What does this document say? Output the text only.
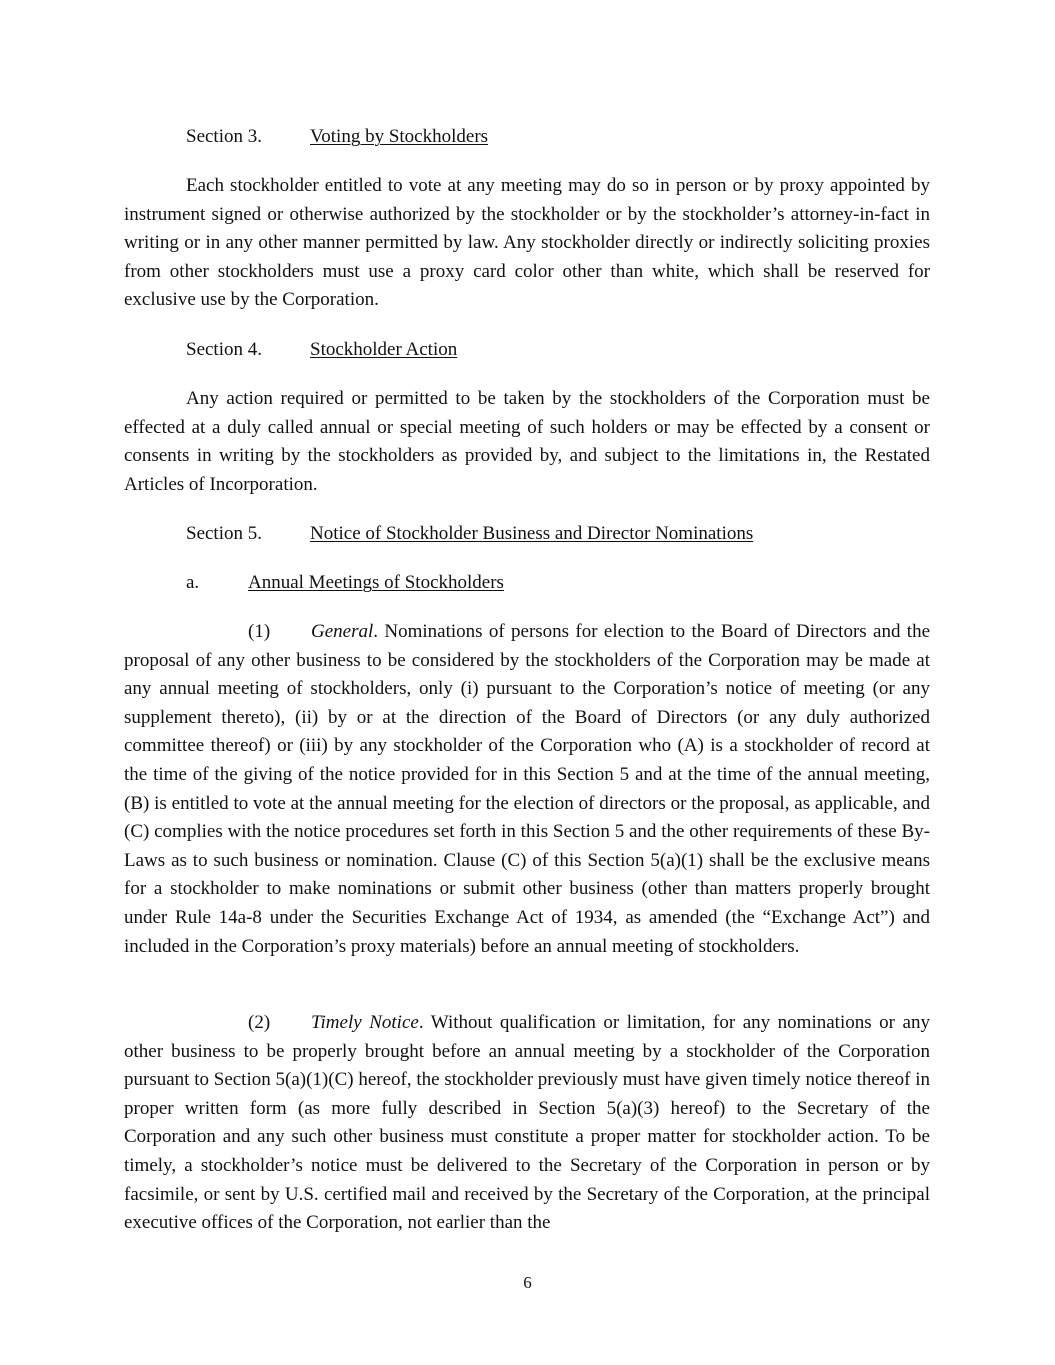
Section 3.	Voting by Stockholders

Each stockholder entitled to vote at any meeting may do so in person or by proxy appointed by instrument signed or otherwise authorized by the stockholder or by the stockholder’s attorney-in-fact in writing or in any other manner permitted by law. Any stockholder directly or indirectly soliciting proxies from other stockholders must use a proxy card color other than white, which shall be reserved for exclusive use by the Corporation.

Section 4.	Stockholder Action

Any action required or permitted to be taken by the stockholders of the Corporation must be effected at a duly called annual or special meeting of such holders or may be effected by a consent or consents in writing by the stockholders as provided by, and subject to the limitations in, the Restated Articles of Incorporation.

Section 5.	Notice of Stockholder Business and Director Nominations
a.	Annual Meetings of Stockholders

(1) General. Nominations of persons for election to the Board of Directors and the proposal of any other business to be considered by the stockholders of the Corporation may be made at any annual meeting of stockholders, only (i) pursuant to the Corporation’s notice of meeting (or any supplement thereto), (ii) by or at the direction of the Board of Directors (or any duly authorized committee thereof) or (iii) by any stockholder of the Corporation who (A) is a stockholder of record at the time of the giving of the notice provided for in this Section 5 and at the time of the annual meeting, (B) is entitled to vote at the annual meeting for the election of directors or the proposal, as applicable, and (C) complies with the notice procedures set forth in this Section 5 and the other requirements of these By-Laws as to such business or nomination. Clause (C) of this Section 5(a)(1) shall be the exclusive means for a stockholder to make nominations or submit other business (other than matters properly brought under Rule 14a-8 under the Securities Exchange Act of 1934, as amended (the “Exchange Act”) and included in the Corporation’s proxy materials) before an annual meeting of stockholders.

(2) Timely Notice. Without qualification or limitation, for any nominations or any other business to be properly brought before an annual meeting by a stockholder of the Corporation pursuant to Section 5(a)(1)(C) hereof, the stockholder previously must have given timely notice thereof in proper written form (as more fully described in Section 5(a)(3) hereof) to the Secretary of the Corporation and any such other business must constitute a proper matter for stockholder action. To be timely, a stockholder’s notice must be delivered to the Secretary of the Corporation in person or by facsimile, or sent by U.S. certified mail and received by the Secretary of the Corporation, at the principal executive offices of the Corporation, not earlier than the

6
